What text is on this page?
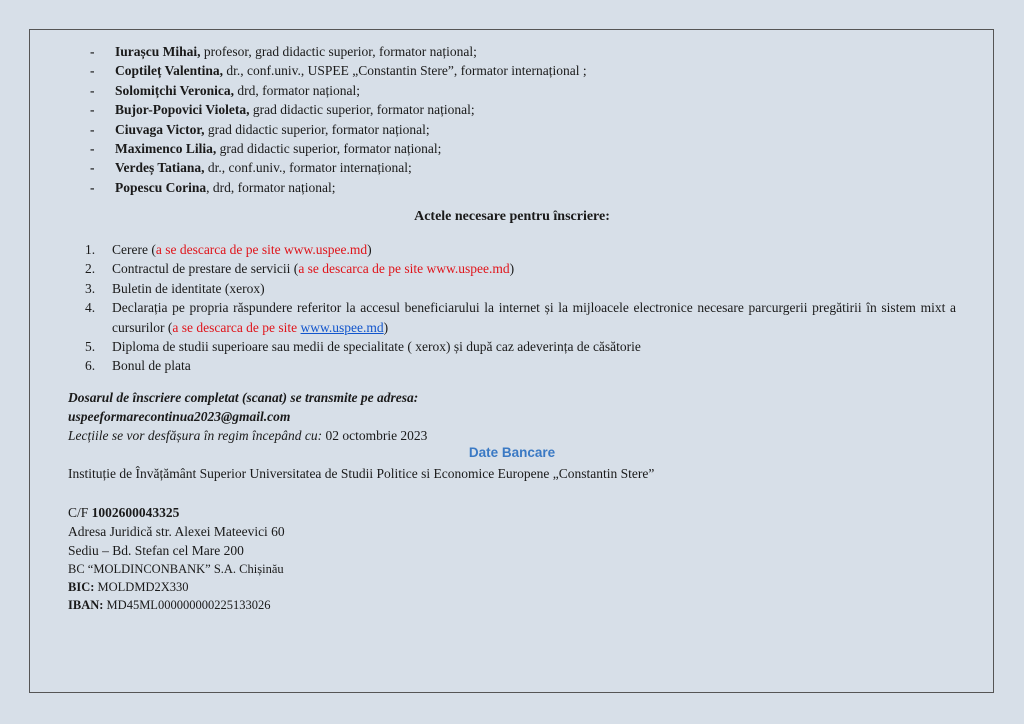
- Iurașcu Mihai, profesor, grad didactic superior, formator național;
- Coptileț Valentina, dr., conf.univ., USPEE „Constantin Stere”, formator internațional ;
- Solomițchi Veronica, drd, formator național;
- Bujor-Popovici Violeta, grad didactic superior, formator național;
- Ciuvaga Victor, grad didactic superior, formator național;
- Maximenco Lilia, grad didactic superior, formator național;
- Verdeș Tatiana, dr., conf.univ., formator internațional;
- Popescu Corina, drd, formator național;
Actele necesare pentru înscriere:
1. Cerere (a se descarca de pe site www.uspee.md)
2. Contractul de prestare de servicii (a se descarca de pe site www.uspee.md)
3. Buletin de identitate (xerox)
4. Declarația pe propria răspundere referitor la accesul beneficiarului la internet și la mijloacele electronice necesare parcurgerii pregătirii în sistem mixt a cursurilor (a se descarca de pe site www.uspee.md)
5. Diploma de studii superioare sau medii de specialitate ( xerox) și după caz adeverința de căsătorie
6. Bonul de plata
Dosarul de înscriere completat (scanat) se transmite pe adresa:
uspeeformarecontinua2023@gmail.com
Lecțiile se vor desfășura în regim începând cu: 02 octombrie 2023
Date Bancare
Instituție de Învățământ Superior Universitatea de Studii Politice si Economice Europene „Constantin Stere”
C/F 1002600043325
Adresa Juridică str. Alexei Mateevici 60
Sediu – Bd. Stefan cel Mare 200
BC “MOLDINCONBANK” S.A. Chișinău
BIC: MOLDMD2X330
IBAN: MD45ML000000000225133026
